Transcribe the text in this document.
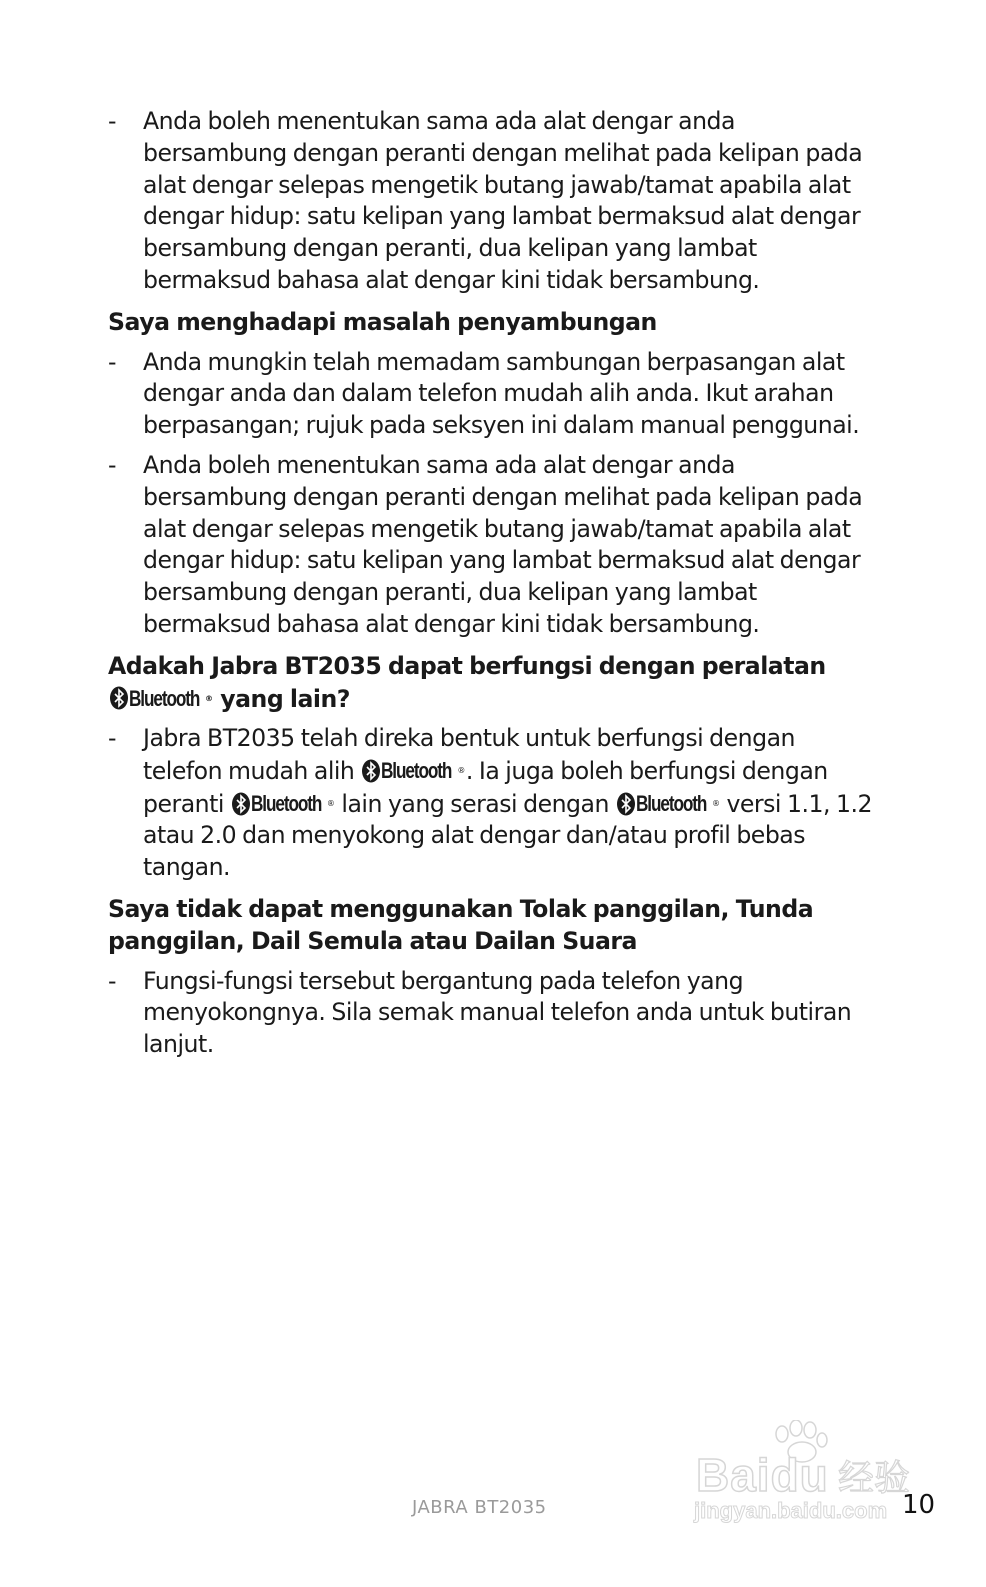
-	Anda boleh menentukan sama ada alat dengar anda bersambung dengan peranti dengan melihat pada kelipan pada alat dengar selepas mengetik butang jawab/tamat apabila alat dengar hidup: satu kelipan yang lambat bermaksud alat dengar bersambung dengan peranti, dua kelipan yang lambat bermaksud bahasa alat dengar kini tidak bersambung.
Saya menghadapi masalah penyambungan
-	Anda mungkin telah memadam sambungan berpasangan alat dengar anda dan dalam telefon mudah alih anda. Ikut arahan berpasangan; rujuk pada seksyen ini dalam manual penggunai.
-	Anda boleh menentukan sama ada alat dengar anda bersambung dengan peranti dengan melihat pada kelipan pada alat dengar selepas mengetik butang jawab/tamat apabila alat dengar hidup: satu kelipan yang lambat bermaksud alat dengar bersambung dengan peranti, dua kelipan yang lambat bermaksud bahasa alat dengar kini tidak bersambung.
Adakah Jabra BT2035 dapat berfungsi dengan peralatan

Bluetooth ® yang lain?
-	Jabra BT2035 telah direka bentuk untuk berfungsi dengan telefon mudah alih Bluetooth ® . Ia juga boleh berfungsi dengan peranti Bluetooth ® lain yang serasi dengan Bluetooth ® versi 1.1, 1.2 atau 2.0 dan menyokong alat dengar dan/atau profil bebas tangan.
Saya tidak dapat menggunakan Tolak panggilan, Tunda panggilan, Dail Semula atau Dailan Suara
-	Fungsi-fungsi tersebut bergantung pada telefon yang menyokongnya. Sila semak manual telefon anda untuk butiran lanjut.
Baidu 经验
jingyan.baidu.com
JABRA BT2035	10
